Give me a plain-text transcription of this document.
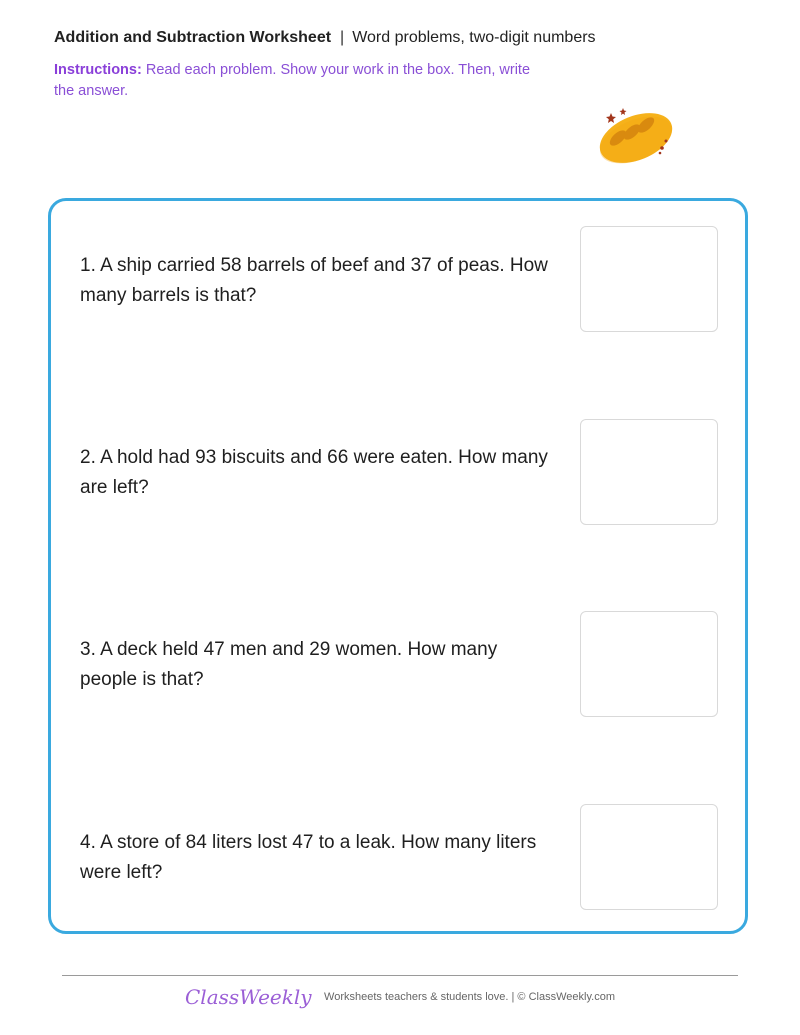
Addition and Subtraction Worksheet | Word problems, two-digit numbers
Instructions: Read each problem. Show your work in the box. Then, write the answer.
1. A ship carried 58 barrels of beef and 37 of peas. How many barrels is that?
2. A hold had 93 biscuits and 66 were eaten. How many are left?
3. A deck held 47 men and 29 women. How many people is that?
4. A store of 84 liters lost 47 to a leak. How many liters were left?
ClassWeekly Worksheets teachers & students love. | © ClassWeekly.com
